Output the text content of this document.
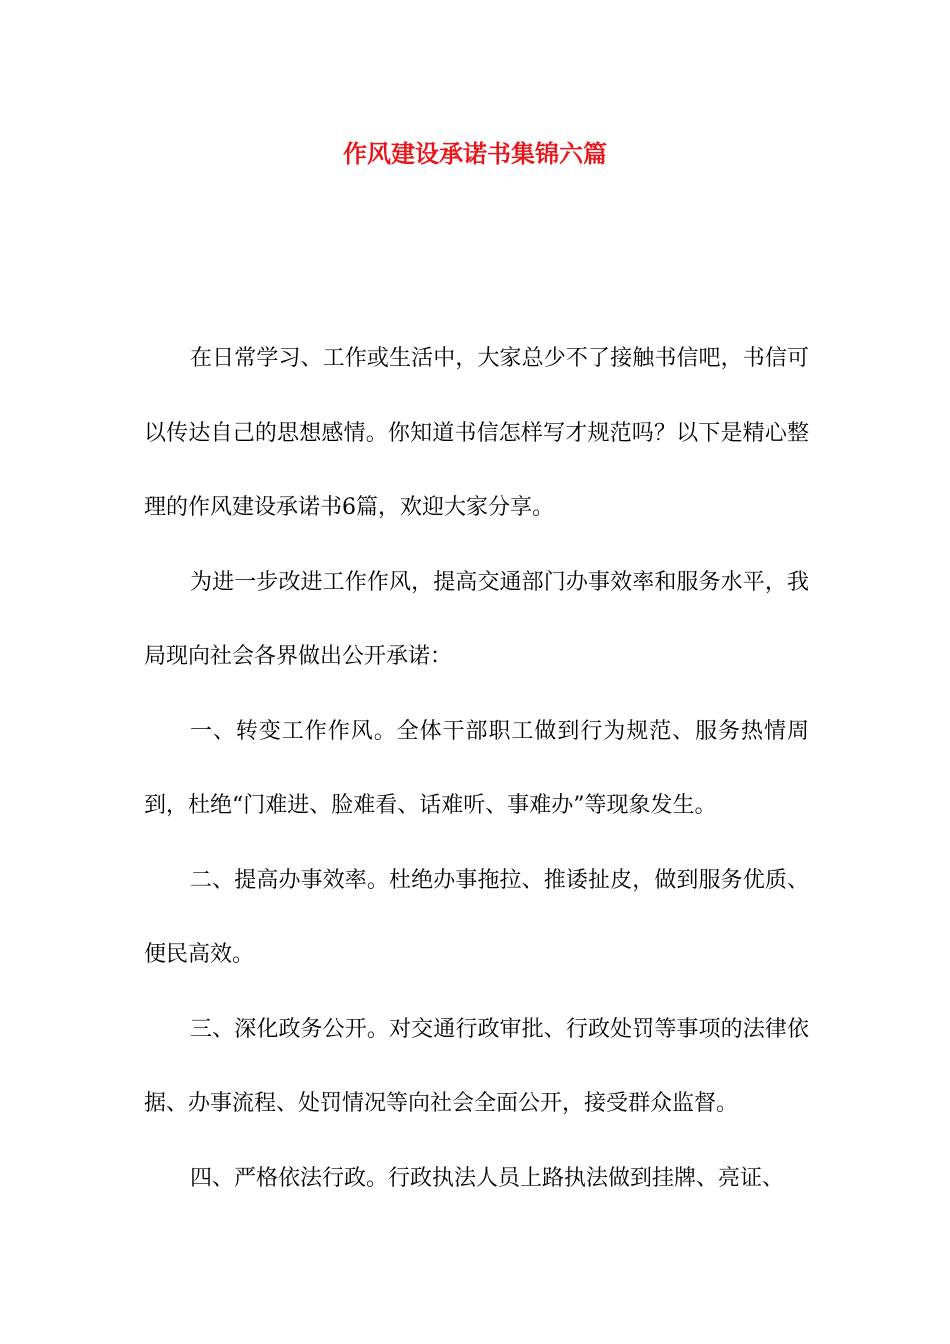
作风建设承诺书集锦六篇

在日常学习、工作或生活中，大家总少不了接触书信吧，书信可以传达自己的思想感情。你知道书信怎样写才规范吗？以下是精心整理的作风建设承诺书6篇，欢迎大家分享。

为进一步改进工作作风，提高交通部门办事效率和服务水平，我局现向社会各界做出公开承诺：

一、转变工作作风。全体干部职工做到行为规范、服务热情周到，杜绝“门难进、脸难看、话难听、事难办”等现象发生。

二、提高办事效率。杜绝办事拖拉、推诿扯皮，做到服务优质、便民高效。

三、深化政务公开。对交通行政审批、行政处罚等事项的法律依据、办事流程、处罚情况等向社会全面公开，接受群众监督。

四、严格依法行政。行政执法人员上路执法做到挂牌、亮证、
